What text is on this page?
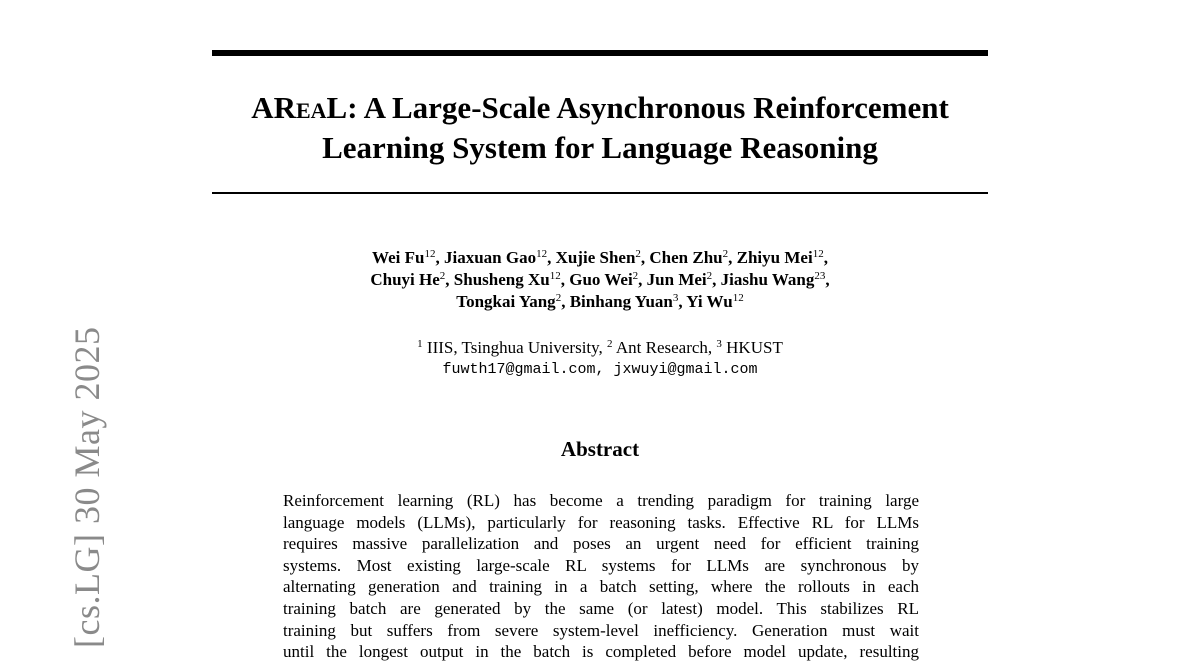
AReaL: A Large-Scale Asynchronous Reinforcement
Learning System for Language Reasoning
Wei Fu$^{12}$, Jiaxuan Gao$^{12}$, Xujie Shen$^2$, Chen Zhu$^2$, Zhiyu Mei$^{12}$,
Chuyi He$^2$, Shusheng Xu$^{12}$, Guo Wei$^2$, Jun Mei$^2$, Jiashu Wang$^{23}$,
Tongkai Yang$^2$, Binhang Yuan$^3$, Yi Wu$^{12}$
$^1$ IIIS, Tsinghua University, $^2$ Ant Research, $^3$ HKUST
fuwth17@gmail.com, jxwuyi@gmail.com
Abstract
Reinforcement learning (RL) has become a trending paradigm for training large
language models (LLMs), particularly for reasoning tasks. Effective RL for LLMs
requires massive parallelization and poses an urgent need for efficient training
systems. Most existing large-scale RL systems for LLMs are synchronous by
alternating generation and training in a batch setting, where the rollouts in each
training batch are generated by the same (or latest) model. This stabilizes RL
training but suffers from severe system-level inefficiency. Generation must wait
until the longest output in the batch is completed before model update, resulting
[cs.LG] 30 May 2025
